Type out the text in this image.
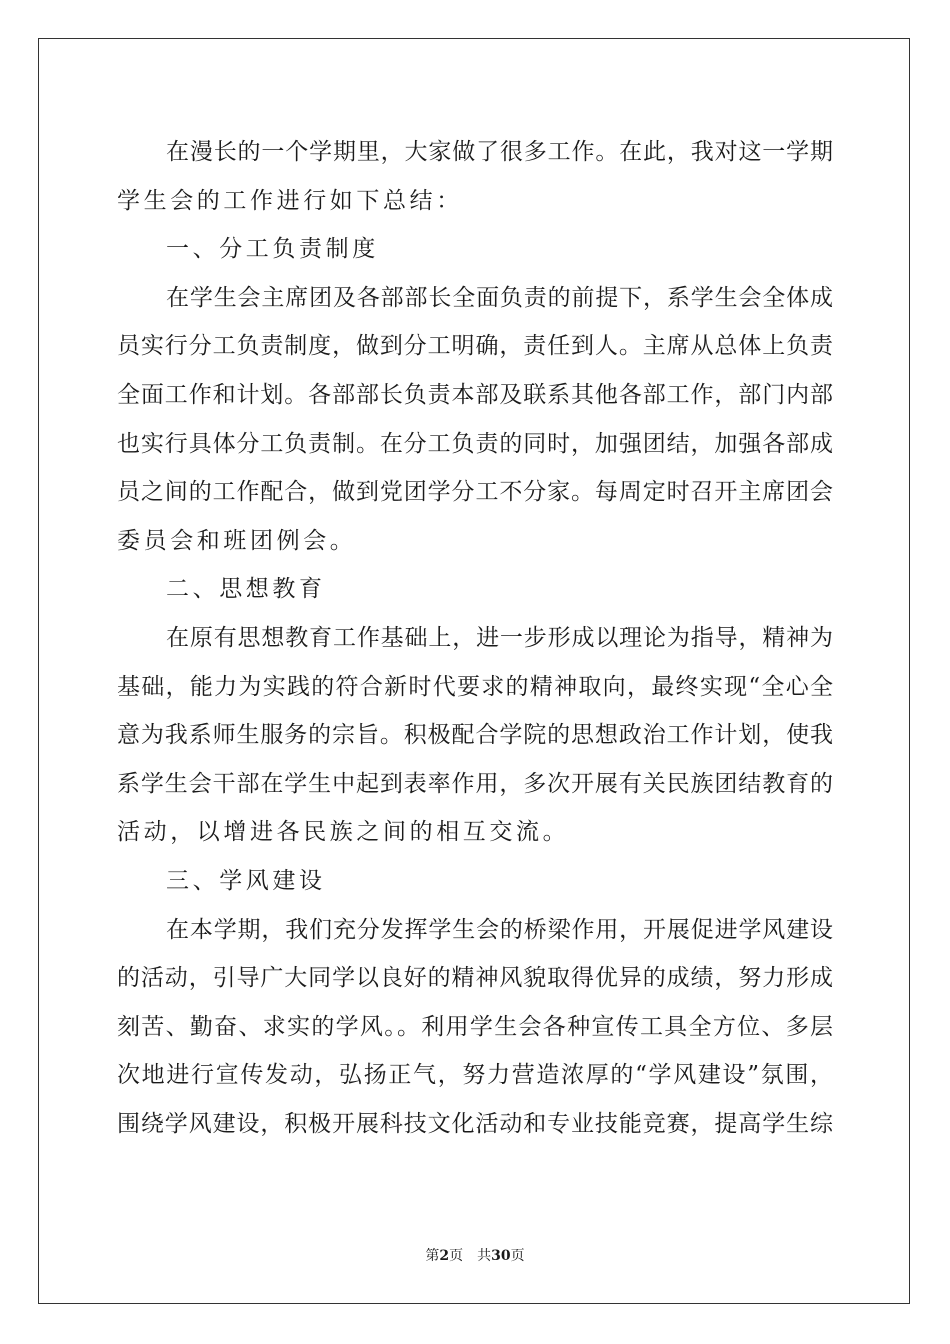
在漫长的一个学期里，大家做了很多工作。在此，我对这一学期
学生会的工作进行如下总结：
一、分工负责制度
在学生会主席团及各部部长全面负责的前提下，系学生会全体成
员实行分工负责制度，做到分工明确，责任到人。主席从总体上负责
全面工作和计划。各部部长负责本部及联系其他各部工作，部门内部
也实行具体分工负责制。在分工负责的同时，加强团结，加强各部成
员之间的工作配合，做到党团学分工不分家。每周定时召开主席团会
委员会和班团例会。
二、思想教育
在原有思想教育工作基础上，进一步形成以理论为指导，精神为
基础，能力为实践的符合新时代要求的精神取向，最终实现“全心全
意为我系师生服务的宗旨。积极配合学院的思想政治工作计划，使我
系学生会干部在学生中起到表率作用，多次开展有关民族团结教育的
活动，以增进各民族之间的相互交流。
三、学风建设
在本学期，我们充分发挥学生会的桥梁作用，开展促进学风建设
的活动，引导广大同学以良好的精神风貌取得优异的成绩，努力形成
刻苦、勤奋、求实的学风。。利用学生会各种宣传工具全方位、多层
次地进行宣传发动，弘扬正气，努力营造浓厚的“学风建设”氛围，
围绕学风建设，积极开展科技文化活动和专业技能竞赛，提高学生综
第2页 共30页
